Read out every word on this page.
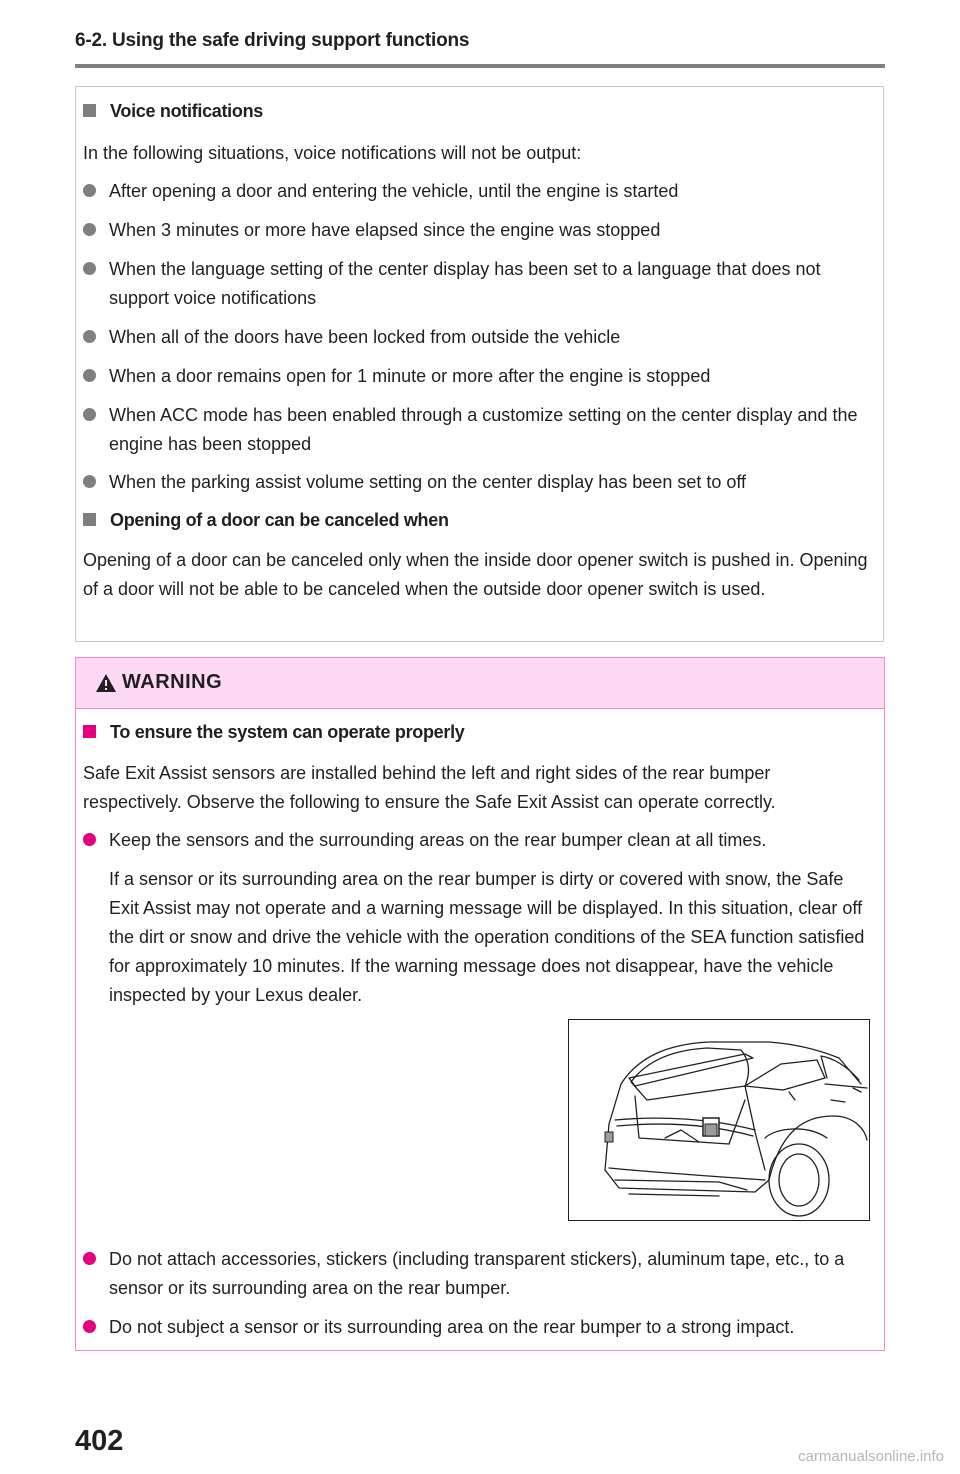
6-2. Using the safe driving support functions
Voice notifications

In the following situations, voice notifications will not be output:

After opening a door and entering the vehicle, until the engine is started
When 3 minutes or more have elapsed since the engine was stopped
When the language setting of the center display has been set to a language that does not support voice notifications
When all of the doors have been locked from outside the vehicle
When a door remains open for 1 minute or more after the engine is stopped
When ACC mode has been enabled through a customize setting on the center display and the engine has been stopped
When the parking assist volume setting on the center display has been set to off
Opening of a door can be canceled when

Opening of a door can be canceled only when the inside door opener switch is pushed in. Opening of a door will not be able to be canceled when the outside door opener switch is used.

WARNING
To ensure the system can operate properly

Safe Exit Assist sensors are installed behind the left and right sides of the rear bumper respectively. Observe the following to ensure the Safe Exit Assist can operate correctly.

Keep the sensors and the surrounding areas on the rear bumper clean at all times.

If a sensor or its surrounding area on the rear bumper is dirty or covered with snow, the Safe Exit Assist may not operate and a warning message will be displayed. In this situation, clear off the dirt or snow and drive the vehicle with the operation conditions of the SEA function satisfied for approximately 10 minutes. If the warning message does not disappear, have the vehicle inspected by your Lexus dealer.

Do not attach accessories, stickers (including transparent stickers), aluminum tape, etc., to a sensor or its surrounding area on the rear bumper.
Do not subject a sensor or its surrounding area on the rear bumper to a strong impact.
402	carmanualsonline.info
